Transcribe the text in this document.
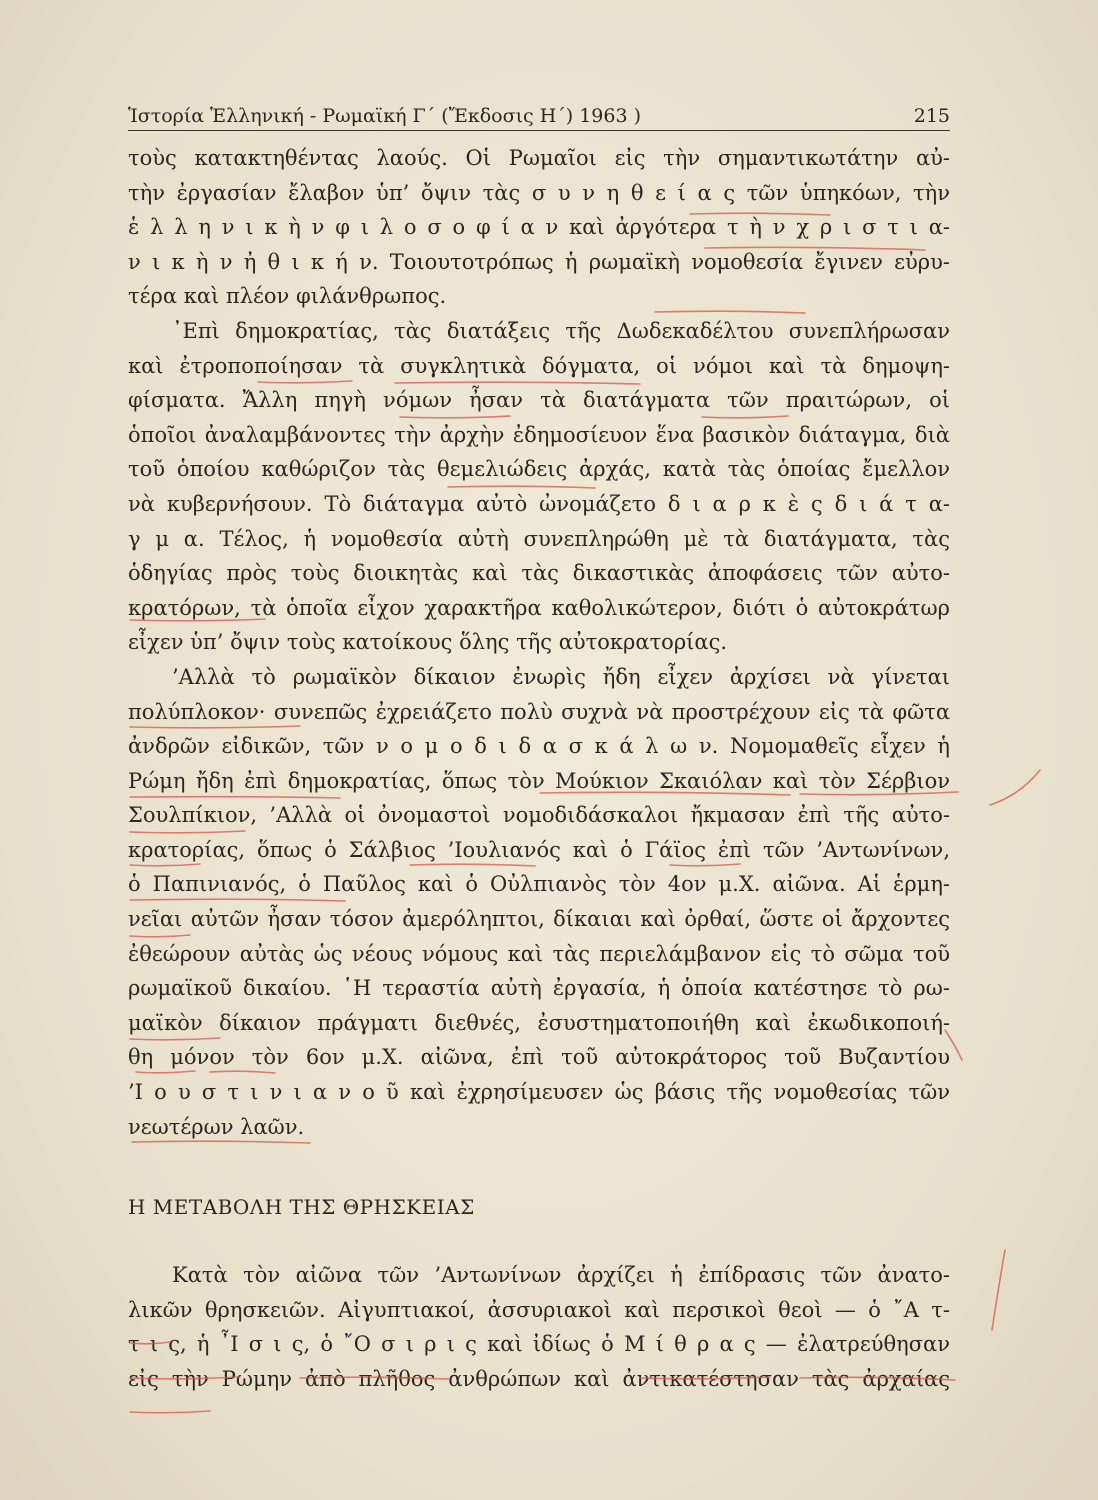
Ἱστορία Ἑλληνική - Ρωμαϊκή Γ΄ (Ἔκδοσις Η΄) 1963 )	215
τοὺς κατακτηθέντας λαούς. Οἱ Ρωμαῖοι εἰς τὴν σημαντικωτάτην αὐ-
τὴν ἐργασίαν ἔλαβον ὑπ’ ὄψιν τὰς σ υ ν η θ ε ί α ς τῶν ὑπηκόων, τὴν
ἑ λ λ η ν ι κ ὴ ν φ ι λ ο σ ο φ ί α ν καὶ ἀργότερα τ ὴ ν χ ρ ι σ τ ι α-
ν ι κ ὴ ν ἠ θ ι κ ή ν. Τοιουτοτρόπως ἡ ρωμαϊκὴ νομοθεσία ἔγινεν εὐρυ-
τέρα καὶ πλέον φιλάνθρωπος.
᾿Επὶ δημοκρατίας, τὰς διατάξεις τῆς Δωδεκαδέλτου συνεπλήρωσαν
καὶ ἐτροποποίησαν τὰ συγκλητικὰ δόγματα, οἱ νόμοι καὶ τὰ δημοψη-
φίσματα. Ἄλλη πηγὴ νόμων ἦσαν τὰ διατάγματα τῶν πραιτώρων, οἱ
ὁποῖοι ἀναλαμβάνοντες τὴν ἀρχὴν ἐδημοσίευον ἕνα βασικὸν διάταγμα, διὰ
τοῦ ὁποίου καθώριζον τὰς θεμελιώδεις ἀρχάς, κατὰ τὰς ὁποίας ἔμελλον
νὰ κυβερνήσουν. Τὸ διάταγμα αὐτὸ ὠνομάζετο δ ι α ρ κ ὲ ς δ ι ά τ α-
γ μ α. Τέλος, ἡ νομοθεσία αὐτὴ συνεπληρώθη μὲ τὰ διατάγματα, τὰς
ὁδηγίας πρὸς τοὺς διοικητὰς καὶ τὰς δικαστικὰς ἀποφάσεις τῶν αὐτο-
κρατόρων, τὰ ὁποῖα εἶχον χαρακτῆρα καθολικώτερον, διότι ὁ αὐτοκράτωρ
εἶχεν ὑπ’ ὄψιν τοὺς κατοίκους ὅλης τῆς αὐτοκρατορίας.
’Αλλὰ τὸ ρωμαϊκὸν δίκαιον ἐνωρὶς ἤδη εἶχεν ἀρχίσει νὰ γίνεται
πολύπλοκον· συνεπῶς ἐχρειάζετο πολὺ συχνὰ νὰ προστρέχουν εἰς τὰ φῶτα
ἀνδρῶν εἰδικῶν, τῶν ν ο μ ο δ ι δ α σ κ ά λ ω ν. Νομομαθεῖς εἶχεν ἡ
Ρώμη ἤδη ἐπὶ δημοκρατίας, ὅπως τὸν Μούκιον Σκαιόλαν καὶ τὸν Σέρβιον
Σουλπίκιον, ’Αλλὰ οἱ ὀνομαστοὶ νομοδιδάσκαλοι ἤκμασαν ἐπὶ τῆς αὐτο-
κρατορίας, ὅπως ὁ Σάλβιος ’Ιουλιανός καὶ ὁ Γάϊος ἐπὶ τῶν ’Αντωνίνων,
ὁ Παπινιανός, ὁ Παῦλος καὶ ὁ Οὐλπιανὸς τὸν 4ον μ.Χ. αἰῶνα. Αἱ ἑρμη-
νεῖαι αὐτῶν ἦσαν τόσον ἀμερόληπτοι, δίκαιαι καὶ ὀρθαί, ὥστε οἱ ἄρχοντες
ἐθεώρουν αὐτὰς ὡς νέους νόμους καὶ τὰς περιελάμβανον εἰς τὸ σῶμα τοῦ
ρωμαϊκοῦ δικαίου. ῾Η τεραστία αὐτὴ ἐργασία, ἡ ὁποία κατέστησε τὸ ρω-
μαϊκὸν δίκαιον πράγματι διεθνές, ἐσυστηματοποιήθη καὶ ἐκωδικοποιή-
θη μόνον τὸν 6ον μ.Χ. αἰῶνα, ἐπὶ τοῦ αὐτοκράτορος τοῦ Βυζαντίου
’Ι ο υ σ τ ι ν ι α ν ο ῦ καὶ ἐχρησίμευσεν ὡς βάσις τῆς νομοθεσίας τῶν
νεωτέρων λαῶν.
Η ΜΕΤΑΒΟΛΗ ΤΗΣ ΘΡΗΣΚΕΙΑΣ
Κατὰ τὸν αἰῶνα τῶν ’Αντωνίνων ἀρχίζει ἡ ἐπίδρασις τῶν ἀνατο-
λικῶν θρησκειῶν. Αἰγυπτιακοί, ἀσσυριακοὶ καὶ περσικοὶ θεοὶ — ὁ ῎Α τ-
τ ι ς, ἡ ῏Ι σ ι ς, ὁ ῎Ο σ ι ρ ι ς καὶ ἰδίως ὁ Μ ί θ ρ α ς — ἐλατρεύθησαν
εἰς τὴν Ρώμην ἀπὸ πλῆθος ἀνθρώπων καὶ ἀντικατέστησαν τὰς ἀρχαίας
